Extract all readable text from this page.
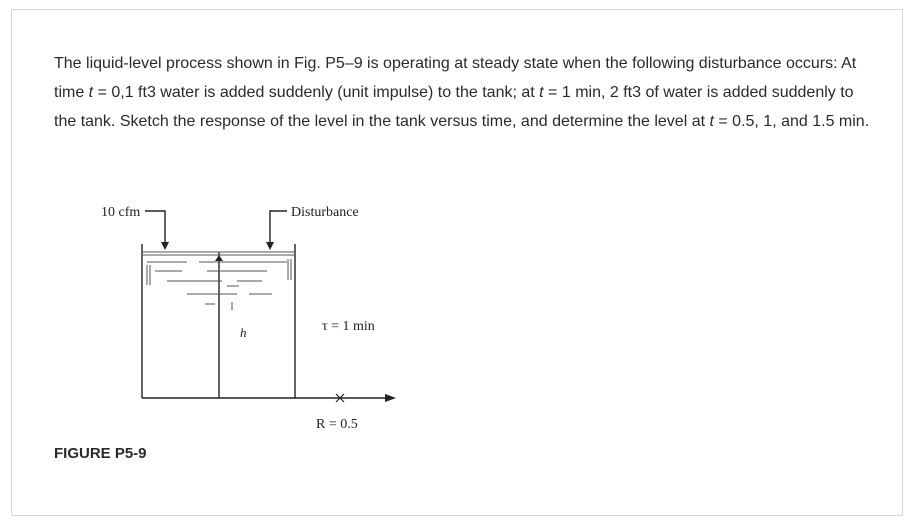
The liquid-level process shown in Fig. P5–9 is operating at steady state when the following disturbance occurs: At time t = 0,1 ft3 water is added suddenly (unit impulse) to the tank; at t = 1 min, 2 ft3 of water is added suddenly to the tank. Sketch the response of the level in the tank versus time, and determine the level at t = 0.5, 1, and 1.5 min.

10 cfm	Disturbance
h	τ = 1 min
R = 0.5

FIGURE P5-9
